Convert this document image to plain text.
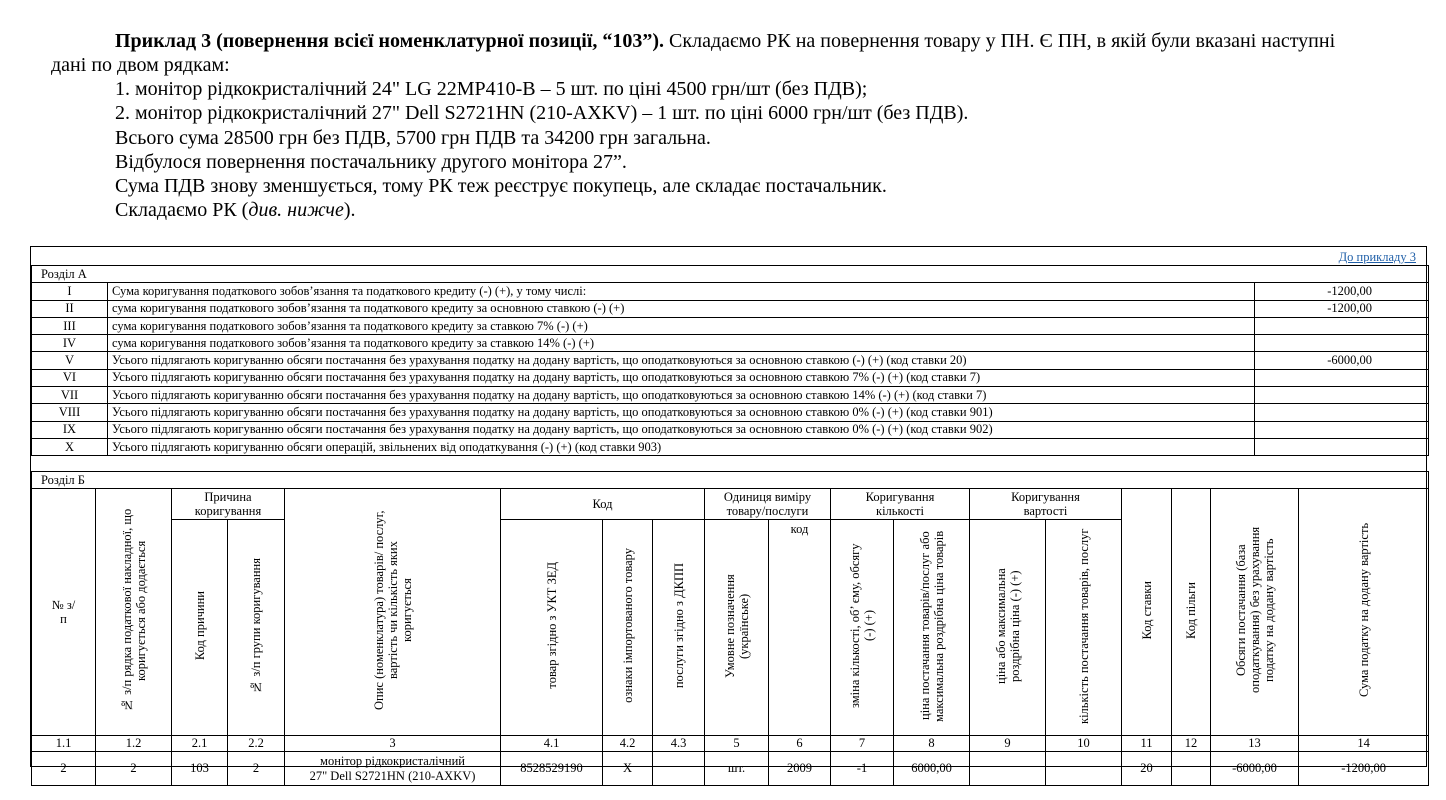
Приклад 3 (повернення всієї номенклатурної позиції, “103”). Складаємо РК на повернення товару у ПН. Є ПН, в якій були вказані наступні
дані по двом рядкам:
1. монітор рідкокристалічний 24" LG 22MP410-B – 5 шт. по ціні 4500 грн/шт (без ПДВ);
2. монітор рідкокристалічний 27" Dell S2721HN (210-AXKV) – 1 шт. по ціні 6000 грн/шт (без ПДВ).
Всього сума 28500 грн без ПДВ, 5700 грн ПДВ та 34200 грн загальна.
Відбулося повернення постачальнику другого монітора 27”.
Сума ПДВ знову зменшується, тому РК теж реєструє покупець, але складає постачальник.
Складаємо РК (див. нижче).
До прикладу 3
Розділ А		
I	Сума коригування податкового зобов’язання та податкового кредиту (-) (+), у тому числі:	-1200,00
II	сума коригування податкового зобов’язання та податкового кредиту за основною ставкою (-) (+)	-1200,00
III	сума коригування податкового зобов’язання та податкового кредиту за ставкою 7% (-) (+)	
IV	сума коригування податкового зобов’язання та податкового кредиту за ставкою 14% (-) (+)	
V	Усього підлягають коригуванню обсяги постачання без урахування податку на додану вартість, що оподатковуються за основною ставкою (-) (+) (код ставки 20)	-6000,00
VI	Усього підлягають коригуванню обсяги постачання без урахування податку на додану вартість, що оподатковуються за основною ставкою 7% (-) (+) (код ставки 7)	
VII	Усього підлягають коригуванню обсяги постачання без урахування податку на додану вартість, що оподатковуються за основною ставкою 14% (-) (+) (код ставки 7)	
VIII	Усього підлягають коригуванню обсяги постачання без урахування податку на додану вартість, що оподатковуються за основною ставкою 0% (-) (+) (код ставки 901)	
IX	Усього підлягають коригуванню обсяги постачання без урахування податку на додану вартість, що оподатковуються за основною ставкою 0% (-) (+) (код ставки 902)	
X	Усього підлягають коригуванню обсяги операцій, звільнених від оподаткування (-) (+) (код ставки 903)	
Розділ Б																	
№ з/п	№ з/п рядка податкової накладної, що коригується або додається	Причина коригування		Опис (номенклатура) товарів/ послуг, вартість чи кількість яких коригується	Код			Одиниця виміру товару/послуги		Коригування кількості		Коригування вартості		Код ставки	Код пільги	Обсяги постачання (база оподаткування) без урахування податку на додану вартість	Сума податку на додану вартість
		Код причини	№ з/п групи коригування		товар згідно з УКТ ЗЕД	ознаки імпортованого товару	послуги згідно з ДКПП	Умовне позначення (українське)	код	зміна кількості, об’ єму, обсягу (-) (+)	ціна постачання товарів/послуг або максимальна роздрібна ціна товарів	ціна або максимальна роздрібна ціна (-) (+)	кількість постачання товарів, послуг				
1.1	1.2	2.1	2.2	3	4.1	4.2	4.3	5	6	7	8	9	10	11	12	13	14
2	2	103	2	монітор рідкокристалічний
27" Dell S2721HN (210-AXKV)	8528529190	Х		шт.	2009	-1	6000,00			20		-6000,00	-1200,00
